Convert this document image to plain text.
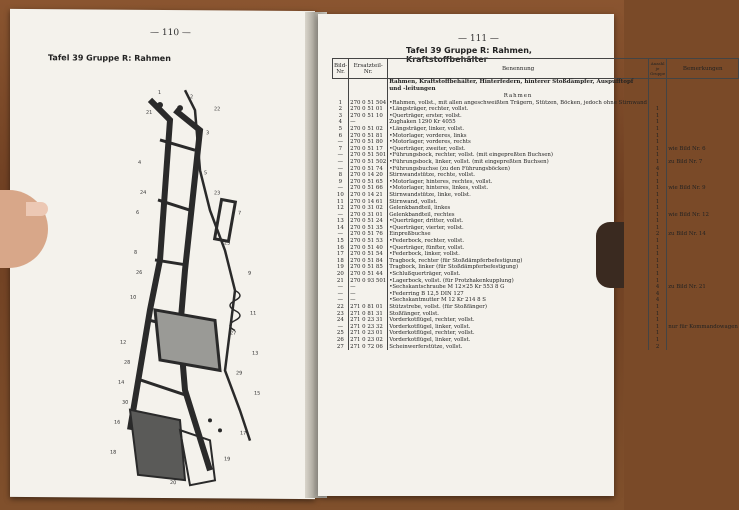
— 110 —
Tafel 39 Gruppe R: Rahmen
1
2
3
4
5
6	7
8
9
10
11
12
13
14
15
16
17
18
19
20
21
22
23
24
25
26
27
28
29
30
— 111 —
Tafel 39 Gruppe R: Rahmen, Kraftstoffbehälter
Bild-Nr.	Ersatzteil-Nr.	Benennung	Anzahl je Gruppe	Bemerkungen
		Rahmen, Kraftstoffbehälter, Hinterfedern, hinterer Stoßdämpfer, Auspufftopf und -leitungen		
		Rahmen		
1	270 0 51 504	•Rahmen, vollst., mit allen angeschweißten Trägern, Stützen, Böcken, jedoch ohne Stirnwand		
2	270 0 51 01	•Längsträger, rechter, vollst.	1	
3	270 0 51 10	•Querträger, erster, vollst.	1	
4	—	Zughaken 1290 Kr 4055	1	
5	270 0 51 02	•Längsträger, linker, vollst.	1	
6	270 0 51 81	•Motorlager, vorderes, links	1	
—	270 0 51 80	•Motorlager, vorderes, rechts	1	
7	270 0 51 17	•Querträger, zweiter, vollst.	1	wie Bild Nr. 6
—	270 0 51 501	•Führungsbock, rechter, vollst. (mit eingepreßten Buchsen)	1	
—	270 0 51 502	•Führungsbock, linker, vollst. (mit eingepreßten Buchsen)	1	zu Bild Nr. 7
—	270 0 51 74	•Führungsbuchse (zu den Führungsböcken)	4	
8	270 0 14 20	Stirnwandstütze, rechte, vollst.	1	
9	270 0 51 65	•Motorlager, hinteres, rechtes, vollst.	1	
—	270 0 51 66	•Motorlager, hinteres, linkes, vollst.	1	wie Bild Nr. 9
10	270 0 14 21	Stirnwandstütze, linke, vollst.	1	
11	270 0 14 61	Stirnwand, vollst.	1	
12	270 0 31 02	Gelenkbandteil, linkes	1	
—	270 0 31 01	Gelenkbandteil, rechtes	1	wie Bild Nr. 12
13	270 0 51 24	•Querträger, dritter, vollst.	1	
14	270 0 51 35	•Querträger, vierter, vollst.	1	
—	270 0 51 76	Einpreßbuchse	2	zu Bild Nr. 14
15	270 0 51 53	•Federbock, rechter, vollst.	1	
16	270 0 51 40	•Querträger, fünfter, vollst.	1	
17	270 0 51 54	•Federbock, linker, vollst.	1	
18	270 0 51 84	Tragbock, rechter (für Stoßdämpferbefestigung)	1	
19	270 0 51 85	Tragbock, linker (für Stoßdämpferbefestigung)	1	
20	270 0 51 44	•Schlußquerträger, vollst.	1	
21	270 0 93 501	•Lagerbock, vollst. (für Protzhakenkupplung)	1	
—	—	•Sechskantschraube M 12×25 Kr 553 8 G	4	zu Bild Nr. 21
—	—	•Federring B 12,5 DIN 127	4	
—	—	•Sechskantmutter M 12 Kr 214 8 S	4	
22	271 0 81 01	Stützstrebe, vollst. (für Stoßfänger)	1	
23	271 0 81 31	Stoßfänger, vollst.	1	
24	271 0 23 31	Vorderkotflügel, rechter, vollst.	1	
—	271 0 23 32	Vorderkotflügel, linker, vollst.	1	nur für Kommandowagen
25	271 0 23 01	Vorderkotflügel, rechter, vollst.	1	
26	271 0 23 02	Vorderkotflügel, linker, vollst.	1	
27	271 0 72 06	Scheinwerferstütze, vollst.	2	
